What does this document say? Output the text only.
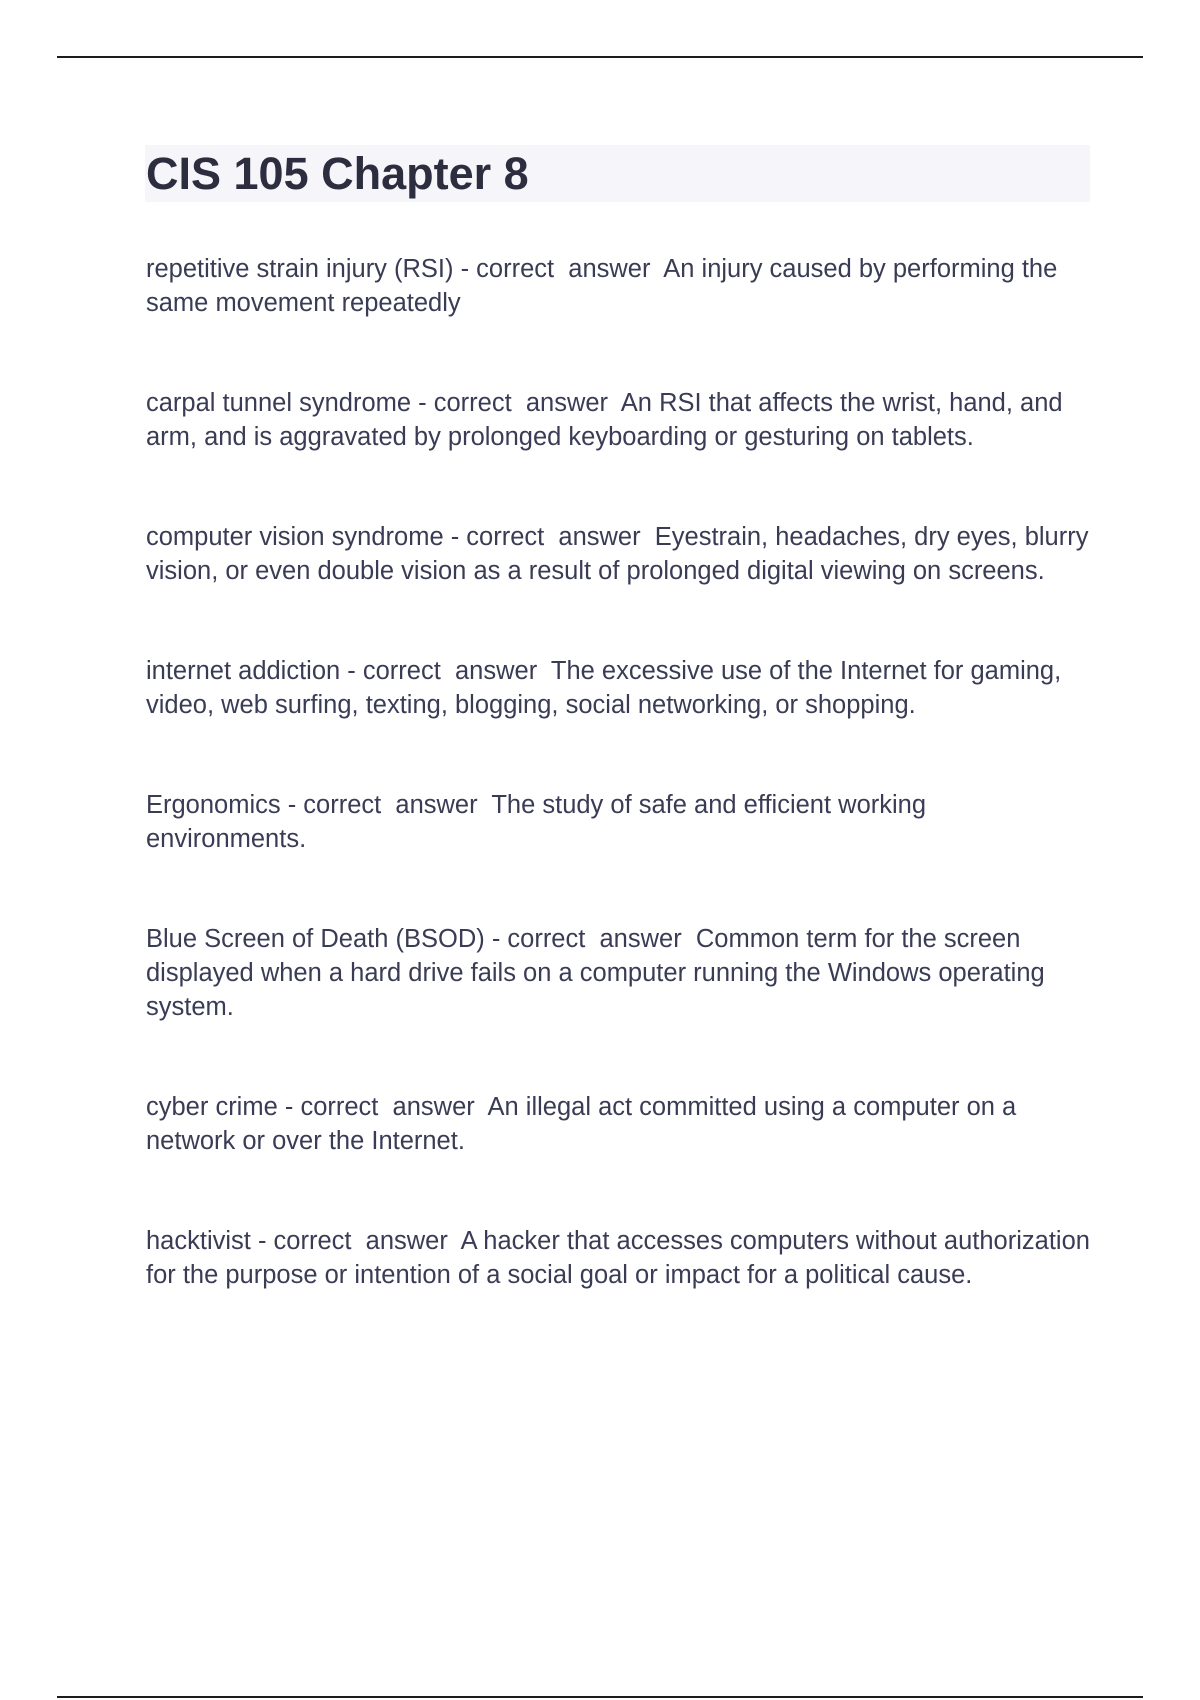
CIS 105 Chapter 8

repetitive strain injury (RSI) - correct  answer  An injury caused by performing the same movement repeatedly

carpal tunnel syndrome - correct  answer  An RSI that affects the wrist, hand, and arm, and is aggravated by prolonged keyboarding or gesturing on tablets.

computer vision syndrome - correct  answer  Eyestrain, headaches, dry eyes, blurry vision, or even double vision as a result of prolonged digital viewing on screens.

internet addiction - correct  answer  The excessive use of the Internet for gaming, video, web surfing, texting, blogging, social networking, or shopping.

Ergonomics - correct  answer  The study of safe and efficient working environments.

Blue Screen of Death (BSOD) - correct  answer  Common term for the screen displayed when a hard drive fails on a computer running the Windows operating system.

cyber crime - correct  answer  An illegal act committed using a computer on a network or over the Internet.

hacktivist - correct  answer  A hacker that accesses computers without authorization for the purpose or intention of a social goal or impact for a political cause.
